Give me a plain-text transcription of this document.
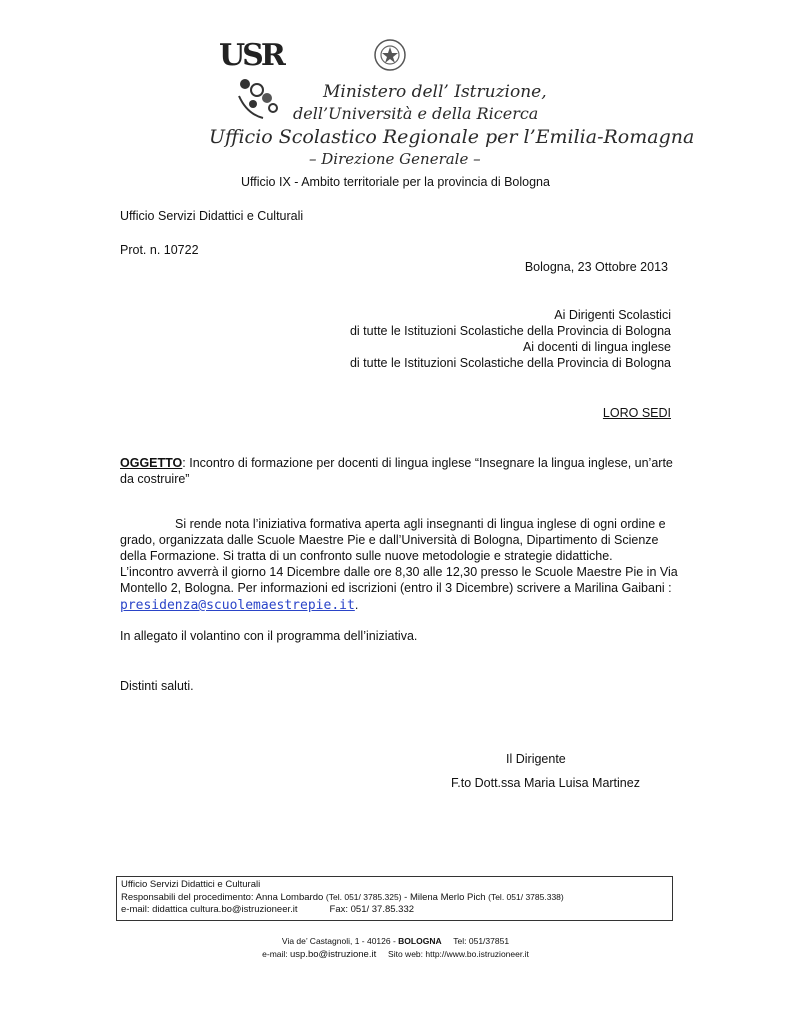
USR
Ministero dell’ Istruzione,
dell’Università e della Ricerca
Ufficio Scolastico Regionale per l’Emilia-Romagna
– Direzione Generale –
Ufficio IX - Ambito territoriale per la provincia di Bologna
Ufficio Servizi Didattici e Culturali
Prot. n. 10722
Bologna, 23 Ottobre 2013
Ai Dirigenti Scolastici
di tutte le Istituzioni Scolastiche della Provincia di Bologna
Ai docenti di lingua inglese
di tutte le Istituzioni Scolastiche della Provincia di Bologna
LORO SEDI
OGGETTO: Incontro di formazione per docenti di lingua inglese “Insegnare la lingua inglese, un’arte
da costruire”
Si rende nota l’iniziativa formativa aperta agli insegnanti di lingua inglese di ogni ordine e
grado, organizzata dalle Scuole Maestre Pie e dall’Università di Bologna, Dipartimento di Scienze
della Formazione. Si tratta di un confronto sulle nuove metodologie e strategie didattiche.
L’incontro avverrà il giorno 14 Dicembre dalle ore 8,30 alle 12,30 presso le Scuole Maestre Pie in Via
Montello 2, Bologna. Per informazioni ed iscrizioni (entro il 3 Dicembre) scrivere a Marilina Gaibani :
presidenza@scuolemaestrepie.it.
In allegato il volantino con il programma dell’iniziativa.
Distinti saluti.
Il Dirigente
F.to Dott.ssa Maria Luisa Martinez
Ufficio Servizi Didattici e Culturali
Responsabili del procedimento: Anna Lombardo (Tel. 051/ 3785.325) - Milena Merlo Pich (Tel. 051/ 3785.338)
e-mail: didattica cultura.bo@istruzioneer.it	Fax: 051/ 37.85.332
Via de’ Castagnoli, 1 - 40126 - BOLOGNA     Tel: 051/37851
e-mail: usp.bo@istruzione.it     Sito web: http://www.bo.istruzioneer.it
